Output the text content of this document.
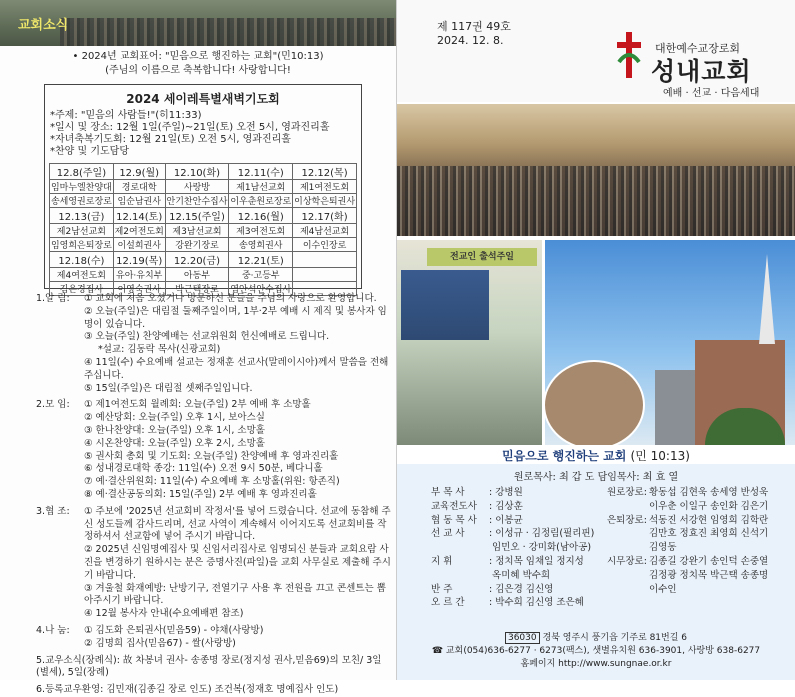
교회소식
• 2024년 교회표어: "믿음으로 행진하는 교회"(민10:13)
(주님의 이름으로 축복합니다! 사랑합니다!
2024 세이레특별새벽기도회
*주제: "믿음의 사람들!"(히11:33)
*일시 및 장소: 12월 1일(주일)~21일(토) 오전 5시, 영과진리홀
*자녀축복기도회: 12월 21일(토) 오전 5시, 영과진리홀
*찬양 및 기도담당
12.8(주일)	12.9(월)	12.10(화)	12.11(수)	12.12(목)
임마누엘찬양대	경로대학	사랑방	제1남선교회	제1여전도회
송세영권로장로	임순남권사	안기찬안수집사	이우춘원로장로	이상학은퇴권사
12.13(금)	12.14(토)	12.15(주일)	12.16(월)	12.17(화)
제2남선교회	제2여전도회	제3남선교회	제3여전도회	제4남선교회
임영희은퇴장로	이설희권사	강완기장로	송영희권사	이수인장로
12.18(수)	12.19(목)	12.20(금)	12.21(토)	
제4여전도회	유아·유치부	아동부	중·고등부	
김은경집사	이영숙권사	박근택장로	염안석안수집사	
1.알 림: ① 교회에 처음 오셨거나 방문하신 분들을 주님의 사랑으로 환영합니다.
② 오늘(주일)은 대림절 둘째주일이며, 1부·2부 예배 시 제직 및 봉사자 임명이 있습니다.
③ 오늘(주일) 찬양예배는 선교위원회 헌신예배로 드립니다.
*설교: 김동락 목사(신광교회)
④ 11일(수) 수요예배 설교는 정재훈 선교사(말레이시아)께서 말씀을 전해 주십니다.
⑤ 15일(주일)은 대림절 셋째주일입니다.
2.모 임: ① 제1여전도회 월례회: 오늘(주일) 2부 예배 후 소망홀
② 예산당회: 오늘(주일) 오후 1시, 보아스실
③ 한나찬양대: 오늘(주일) 오후 1시, 소망홀
④ 시온찬양대: 오늘(주일) 오후 2시, 소망홀
⑤ 권사회 총회 및 기도회: 오늘(주일) 찬양예배 후 영과진리홀
⑥ 성내경로대학 종강: 11일(수) 오전 9시 50분, 베다니홀
⑦ 예·결산위원회: 11일(수) 수요예배 후 소망홀(위원: 항존직)
⑧ 예·결산공동의회: 15일(주일) 2부 예배 후 영과진리홀
3.협 조: ① 주보에 '2025년 선교회비 작정서'를 넣어 드렸습니다. 선교에 동참해 주신 성도들께 감사드리며, 선교 사역이 계속해서 이어지도록 선교회비를 작정하셔서 선교함에 넣어 주시기 바랍니다.
② 2025년 신임명예집사 및 신임서리집사로 임명되신 분들과 교회요람 사진을 변경하기 원하시는 분은 증명사진(파일)을 교회 사무실로 제출해 주시기 바랍니다.
③ 겨울철 화재예방: 난방기구, 전열기구 사용 후 전원을 끄고 콘센트는 뽑아주시기 바랍니다.
④ 12월 봉사자 안내(수요예배편 참조)
4.나 눔: ① 김도화 은퇴권사(믿음59) - 야채(사랑방)
② 김명희 집사(믿음67) - 쌀(사랑방)
5.교우소식(장례식): 故 차봉녀 권사- 송종명 장로(정지성 권사,믿음69)의 모친/ 3일(별세), 5일(장례)
6.등록교우환영: 김민재(김종길 장로 인도) 조건복(정재호 명예집사 인도)
제 117권 49호
2024. 12. 8.
대한예수교장로회
성내교회
예배 · 선교 · 다음세대
전교인 출석주일
믿음으로 행진하는 교회 (민 10:13)
원로목사: 최 갑 도 담임목사: 최 효 열
부 목 사	: 강병원
교육전도사 : 김상훈
협 동 목 사 : 이봉균
선 교 사	: 이성규 · 김정림(필리핀)
임민오 · 강미화(남아공)
지 휘	: 정치목 임채일 정지성
옥미혜 박수희
반 주	: 김은경 김신영
오 르 간	: 박수희 김신영 조은혜
원로장로: 황동섭 김현욱 송세영 반성욱
이우춘 이일구 송인화 김은기
은퇴장로: 석동진 서강현 임영희 김학란
김만호 정효진 최영희 신석기
김영동
시무장로: 김종길 강완기 송인덕 손중열
김정광 정치목 박근택 송종명
이수인
36030 경북 영주시 풍기읍 기주로 81번길 6
☎ 교회(054)636-6277 · 6273(팩스), 샛별유치원 636-3901, 사랑방 638-6277
홈페이지 http://www.sungnae.or.kr
